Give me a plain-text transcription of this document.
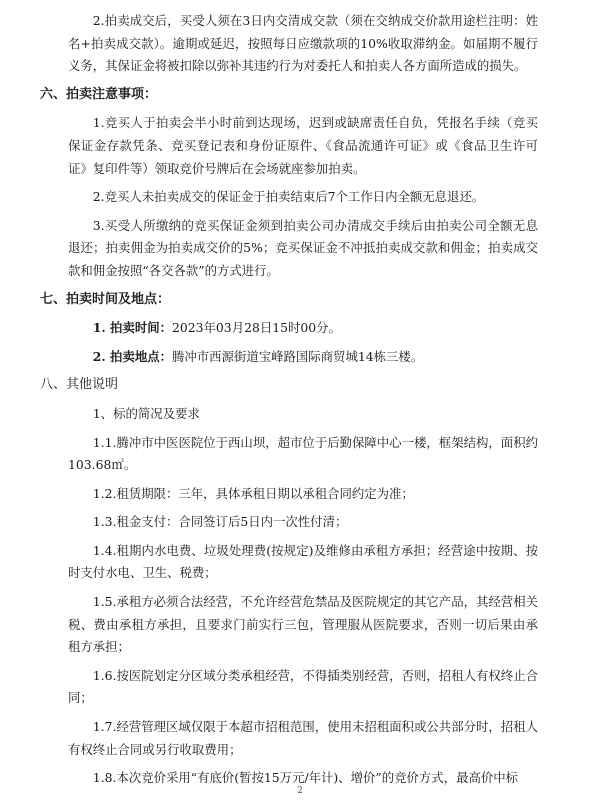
2.拍卖成交后，买受人须在3日内交清成交款（须在交纳成交价款用途栏注明：姓名+拍卖成交款）。逾期或延迟，按照每日应缴款项的10%收取滞纳金。如届期不履行义务，其保证金将被扣除以弥补其违约行为对委托人和拍卖人各方面所造成的损失。

六、拍卖注意事项：

1.竞买人于拍卖会半小时前到达现场，迟到或缺席责任自负，凭报名手续（竞买保证金存款凭条、竞买登记表和身份证原件、《食品流通许可证》或《食品卫生许可证》复印件等）领取竞价号牌后在会场就座参加拍卖。

2.竞买人未拍卖成交的保证金于拍卖结束后7个工作日内全额无息退还。

3.买受人所缴纳的竞买保证金须到拍卖公司办清成交手续后由拍卖公司全额无息退还；拍卖佣金为拍卖成交价的5%；竞买保证金不冲抵拍卖成交款和佣金；拍卖成交款和佣金按照“各交各款”的方式进行。

七、拍卖时间及地点：

1. 拍卖时间：2023年03月28日15时00分。

2. 拍卖地点：腾冲市西源街道宝峰路国际商贸城14栋三楼。

八、其他说明

1、标的简况及要求

1.1.腾冲市中医医院位于西山坝，超市位于后勤保障中心一楼，框架结构，面积约103.68㎡。

1.2.租赁期限：三年，具体承租日期以承租合同约定为准；

1.3.租金支付：合同签订后5日内一次性付清；

1.4.租期内水电费、垃圾处理费(按规定)及维修由承租方承担；经营途中按期、按时支付水电、卫生、税费；

1.5.承租方必须合法经营，不允许经营危禁品及医院规定的其它产品，其经营相关税、费由承租方承担，且要求门前实行三包，管理服从医院要求，否则一切后果由承租方承担；

1.6.按医院划定分区域分类承租经营，不得插类别经营，否则，招租人有权终止合同；

1.7.经营管理区域仅限于本超市招租范围，使用未招租面积或公共部分时，招租人有权终止合同或另行收取费用；

1.8.本次竞价采用“有底价(暂按15万元/年计)、增价”的竞价方式，最高价中标

2
